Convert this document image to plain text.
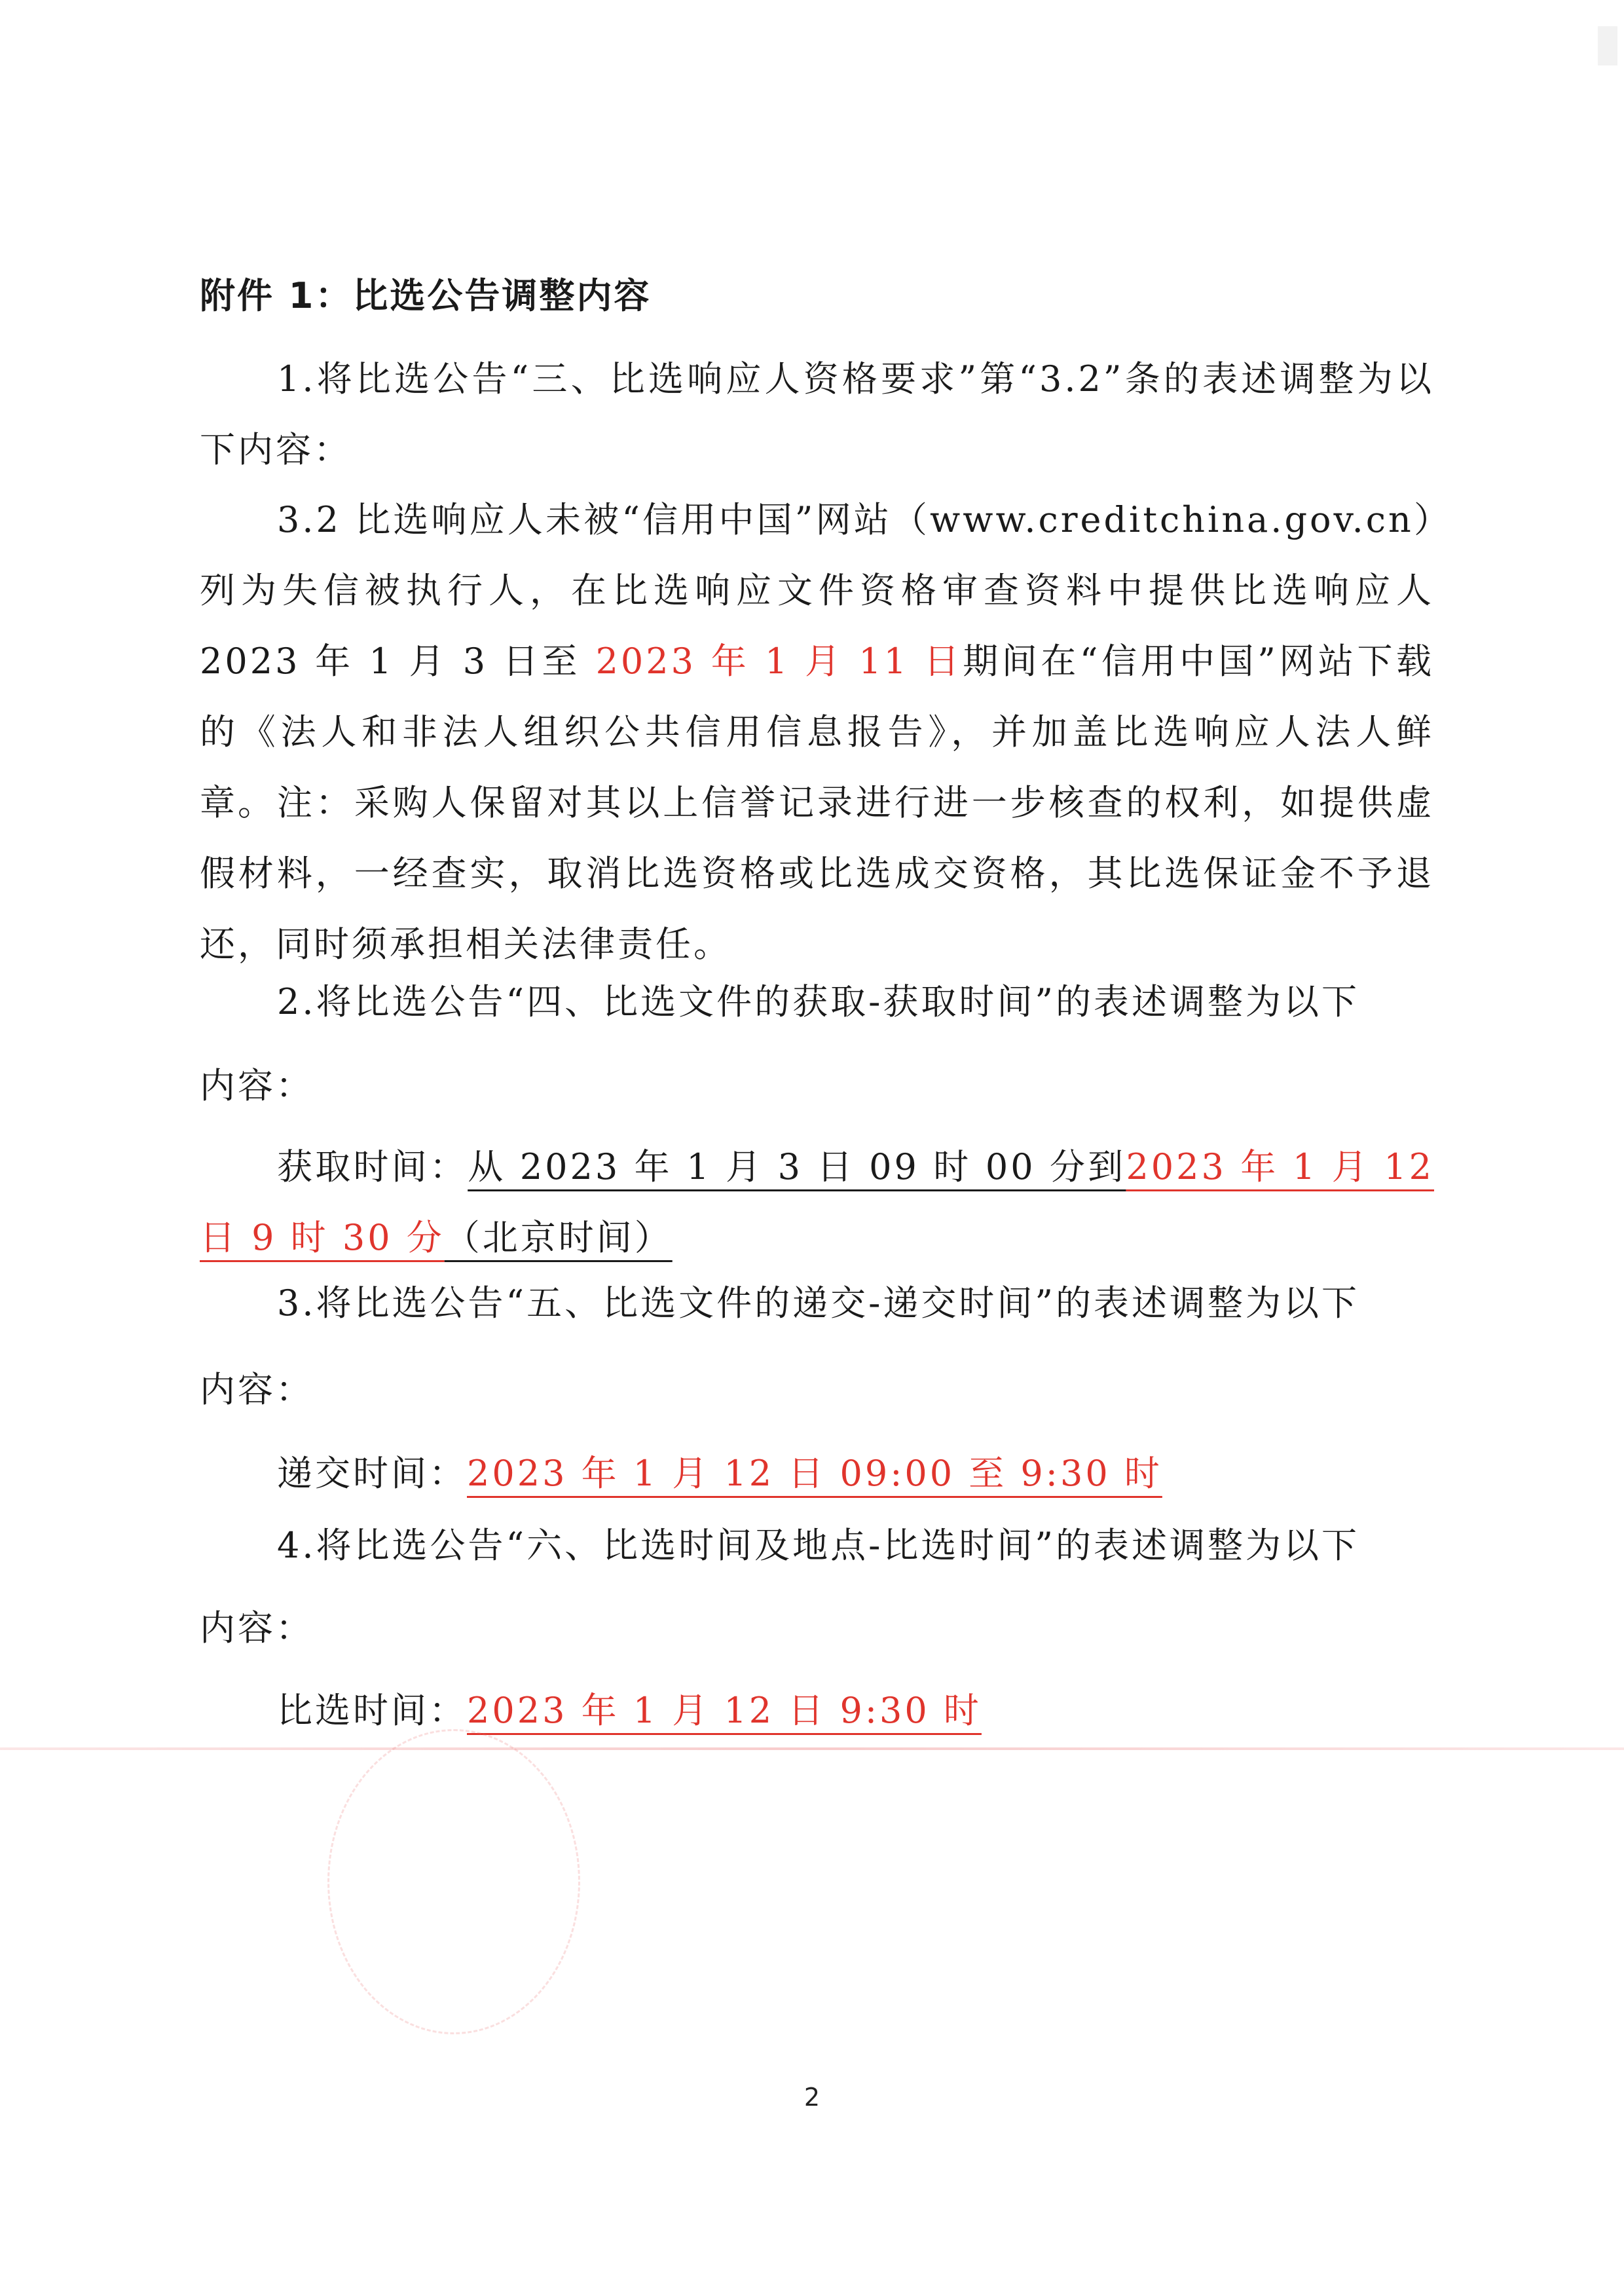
附件 1：比选公告调整内容

1.将比选公告“三、比选响应人资格要求”第“3.2”条的表述调整为以下内容：

3.2 比选响应人未被“信用中国”网站（www.creditchina.gov.cn）列为失信被执行人，在比选响应文件资格审查资料中提供比选响应人 2023 年 1 月 3 日至 2023 年 1 月 11 日期间在“信用中国”网站下载的《法人和非法人组织公共信用信息报告》，并加盖比选响应人法人鲜章。 注：采购人保留对其以上信誉记录进行进一步核查的权利，如提供虚假材料，一经查实，取消比选资格或比选成交资格，其比选保证金不予退还，同时须承担相关法律责任。

2.将比选公告“四、比选文件的获取-获取时间”的表述调整为以下

内容：

获取时间：从 2023 年 1 月 3 日 09 时 00 分到2023 年 1 月 12 日 9 时 30 分（北京时间）

3.将比选公告“五、比选文件的递交-递交时间”的表述调整为以下

内容：

递交时间：2023 年 1 月 12 日 09:00 至 9:30 时

4.将比选公告“六、比选时间及地点-比选时间”的表述调整为以下

内容：

比选时间：2023 年 1 月 12 日 9:30 时

2
